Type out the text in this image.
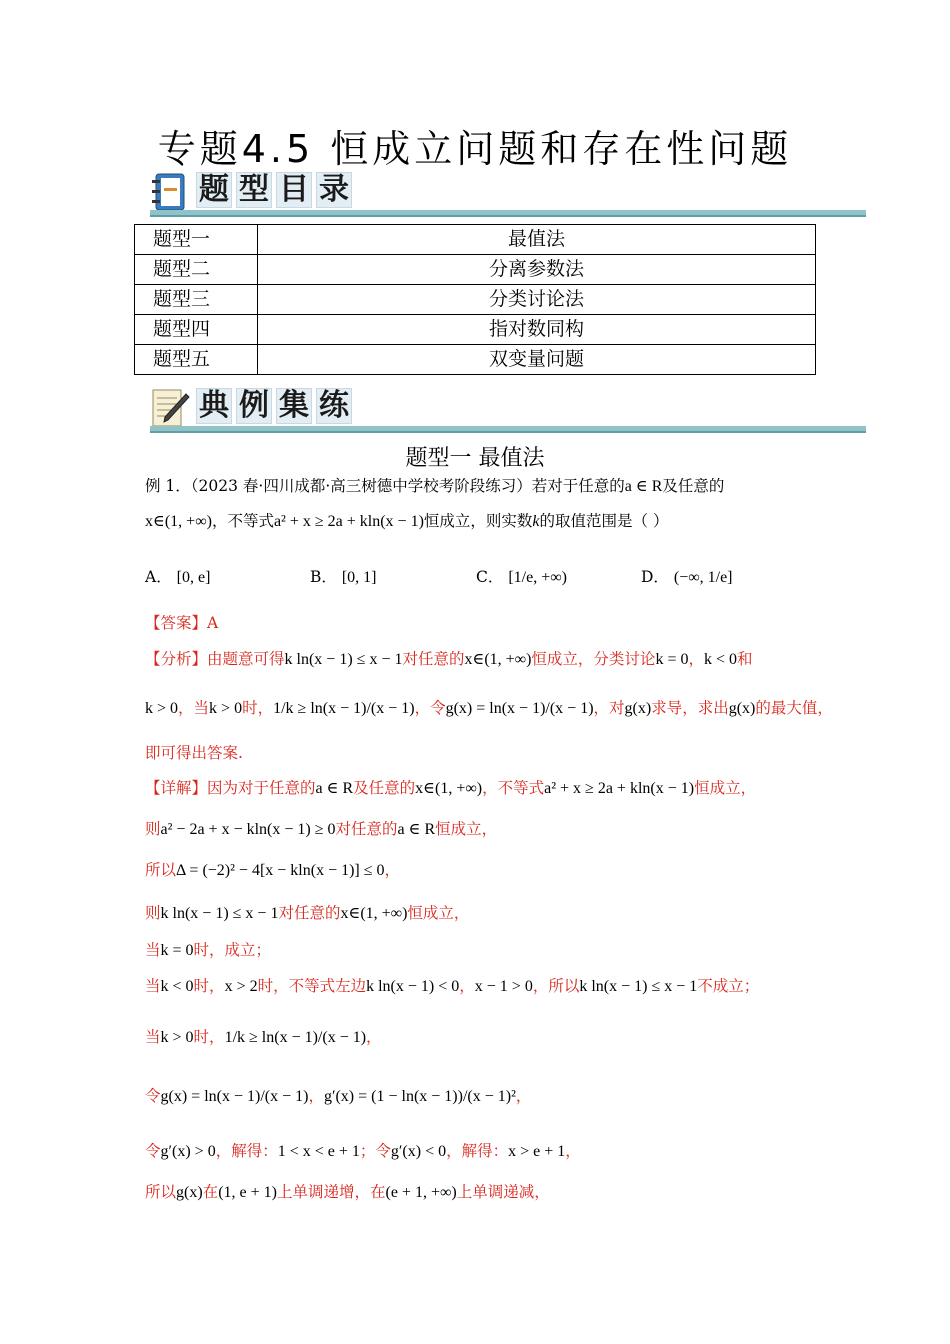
专题4.5 恒成立问题和存在性问题
题 型 目 录
题型一	最值法
题型二	分离参数法
题型三	分类讨论法
题型四	指对数同构
题型五	双变量问题
典 例 集 练
题型一 最值法
例 1．（2023 春·四川成都·高三树德中学校考阶段练习）若对于任意的a ∈ R及任意的
x∈(1, +∞)，不等式a² + x ≥ 2a + kln(x − 1)恒成立，则实数k的取值范围是（ ）
A． [0, e]	B． [0, 1]	C． [1/e, +∞)	D． (−∞, 1/e]
【答案】A
【分析】由题意可得k ln(x − 1) ≤ x − 1对任意的x∈(1, +∞)恒成立，分类讨论k = 0，k < 0和
k > 0，当k > 0时，1/k ≥ ln(x − 1)/(x − 1)，令g(x) = ln(x − 1)/(x − 1)，对g(x)求导，求出g(x)的最大值，
即可得出答案.
【详解】因为对于任意的a ∈ R及任意的x∈(1, +∞)，不等式a² + x ≥ 2a + kln(x − 1)恒成立，
则a² − 2a + x − kln(x − 1) ≥ 0对任意的a ∈ R恒成立，
所以Δ = (−2)² − 4[x − kln(x − 1)] ≤ 0，
则k ln(x − 1) ≤ x − 1对任意的x∈(1, +∞)恒成立，
当k = 0时，成立；
当k < 0时，x > 2时，不等式左边k ln(x − 1) < 0，x − 1 > 0，所以k ln(x − 1) ≤ x − 1不成立；
当k > 0时，1/k ≥ ln(x − 1)/(x − 1)，
令g(x) = ln(x − 1)/(x − 1)，g′(x) = (1 − ln(x − 1))/(x − 1)²，
令g′(x) > 0，解得：1 < x < e + 1；令g′(x) < 0，解得：x > e + 1，
所以g(x)在(1, e + 1)上单调递增，在(e + 1, +∞)上单调递减，
